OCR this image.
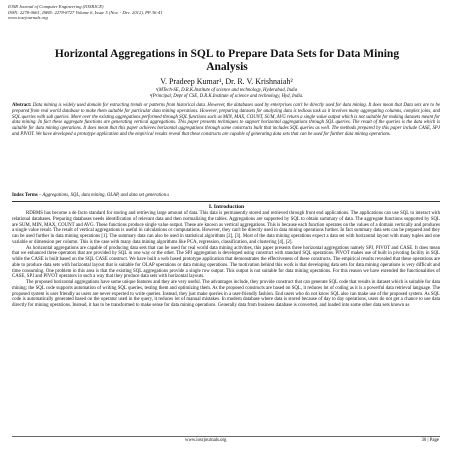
IOSR Journal of Computer Engineering (IOSRJCE)
ISSN: 2278-0661, ISBN: 2278-8727 Volume 6, Issue 5 (Nov. - Dec. 2012), PP 36-41
www.iosrjournals.org
Horizontal Aggregations in SQL to Prepare Data Sets for Data Mining Analysis
V. Pradeep Kumar¹, Dr. R. V. Krishnaiah²
¹(MTech-SE, D.R.K.Institute of science and technology, Hyderabad, India
²(Principal, Dept of CSE, D.R.K.Institute of science and technology, Hyd, India.
Abstract: Data mining is widely used domain for extracting trends or patterns from historical data. However, the databases used by enterprises can't be directly used for data mining. It does mean that Data sets are to be prepared from real world database to make them suitable for particular data mining operations. However, preparing datasets for analyzing data is tedious task as it involves many aggregating columns, complex joins, and SQL queries with sub queries. More over the existing aggregations performed through SQL functions such as MIN, MAX, COUNT, SUM, AVG return a single value output which is not suitable for making datasets meant for data mining. In fact these aggregate functions are generating vertical aggregations. This paper presents techniques to support horizontal aggregations through SQL queries. The result of the queries is the data which is suitable for data mining operations. It does mean that this paper achieves horizontal aggregations through some constructs built that includes SQL queries as well. The methods prepared by this paper include CASE, SPJ and PIVOT. We have developed a prototype application and the empirical results reveal that these constructs are capable of generating data sets that can be used for further data mining operations.
Index Terms – Aggregations, SQL, data mining, OLAP, and data set generation.s
I. Introduction

RDBMS has become a de facto standard for storing and retrieving large amount of data. This data is permanently stored and retrieved through front end applications. The applications can use SQL to interact with relational databases. Preparing databases needs identification of relevant data and then normalizing the tables. Aggregations are supported by SQL to obtain summary of data. The aggregate functions supported by SQL are SUM, MIN, MAX, COUNT and AVG. These functions produce single value output. These are known as vertical aggregations. This is because each function operates on the values of a domain vertically and produces a single value result. The result of vertical aggregations is useful in calculations or computations. However, they can't be directly used in data mining operations further. In fact summary data sets can be prepared and they can be used further in data mining operations [1]. The summary data can also be used in statistical algorithms [2], [3]. Most of the data mining operations expect a data set with horizontal layout with many tuples and one variable or dimension per column. This is the case with many data mining algorithms like PCA, regression, classification, and clustering [4], [2].

As horizontal aggregations are capable of producing data sets that can be used for real world data mining activities, this paper presents three horizontal aggregations namely SPJ, PIVOT and CASE. It does mean that we enhanced three operators that are provided by SQL in one way or the other. The SPJ aggregation is developed using construct with standard SQL operations. PIVOT makes use of built in pivoting facility in SQL while the CASE is built based on the SQL CASE construct. We have built a web based prototype application that demonstrates the effectiveness of these constructs. The empirical results revealed that these operations are able to produce data sets with horizontal layout that is suitable for OLAP operations or data mining operations. The motivation behind this work is that developing data sets for data mining operations is very difficult and time consuming. One problem in this area is that the existing SQL aggregations provide a single row output. This output is not suitable for data mining operations. For this reason we have extended the functionalities of CASE, SPJ and PIVOT operators in such a way that they produce data sets with horizontal layouts.

The proposed horizontal aggregations have some unique features and they are very useful. The advantages include, they provide construct that can generate SQL code that results in dataset which is suitable for data mining; the SQL code supports automation of writing SQL queries, testing them and optimizing them. As the proposed constructs are based on SQL, it reduces lot of coding as it is a powerful data retrieval language. The proposed system is user friendly as users are never expected to write queries. Instead, they just make queries in a user-friendly fashion. End users who do not know SQL also can make use of the proposed system. As SQL code is automatically generated based on the operator used in the query, it reduces lot of manual mistakes. In modern database where data is stored because of day to day operations, users do not get a chance to use data directly for mining operations. Instead, it has to be transformed to make sense for data mining operations. Generally data from business database is converted, and loaded into some other data sets known as

www.iosrjournals.org	36 | Page
